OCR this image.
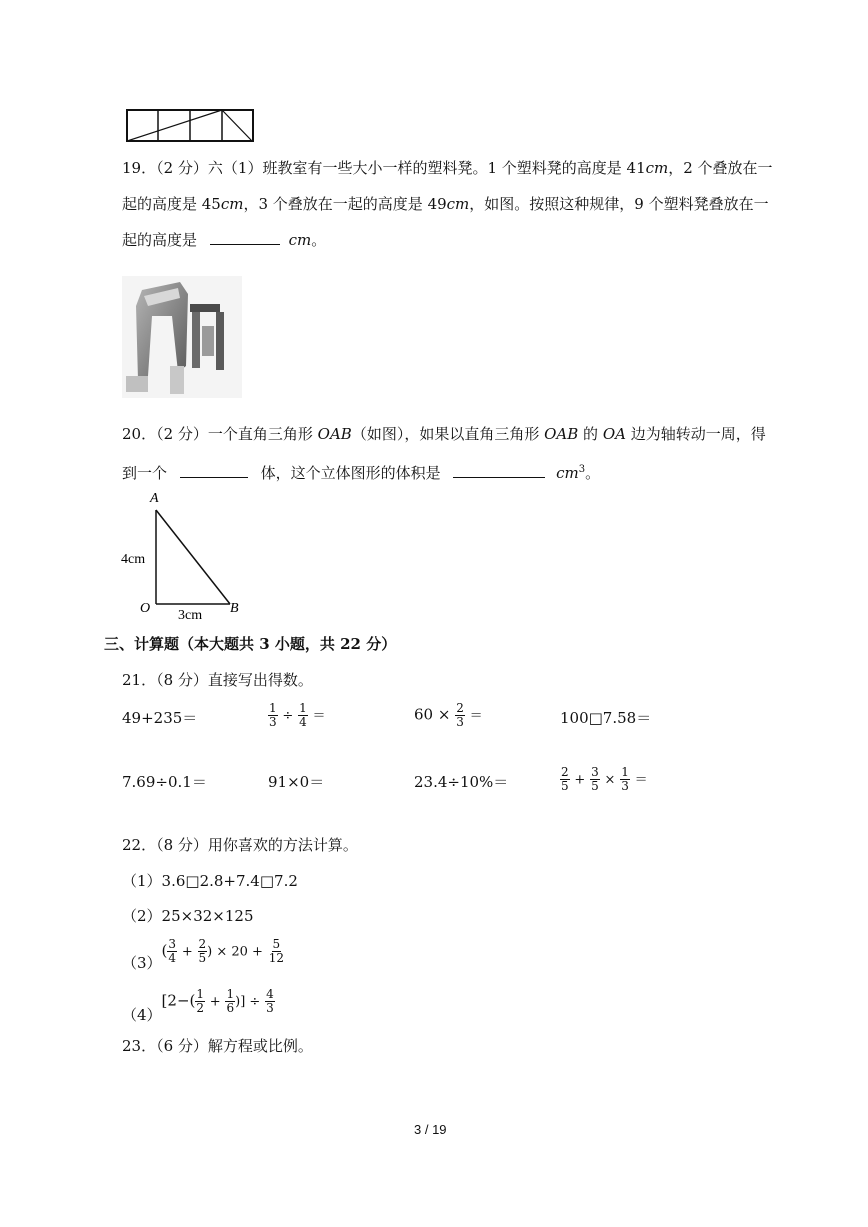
19．（2 分）六（1）班教室有一些大小一样的塑料凳。1 个塑料凳的高度是 41cm，2 个叠放在一
起的高度是 45cm，3 个叠放在一起的高度是 49cm，如图。按照这种规律，9 个塑料凳叠放在一
起的高度是	cm。
20．（2 分）一个直角三角形 OAB（如图），如果以直角三角形 OAB 的 OA 边为轴转动一周，得
到一个	体，这个立体图形的体积是	$cm^3$。
A
O	B
4cm
3cm
三、计算题（本大题共 3 小题，共 22 分）
21．（8 分）直接写出得数。
49+235＝	$\frac{1}{3} \div \frac{1}{4}$ ＝	$60 \times \frac{2}{3}$ ＝	100□7.58＝
7.69÷0.1＝	91×0＝	23.4÷10%＝	$\frac{2}{5} + \frac{3}{5} \times \frac{1}{3}$ ＝
22．（8 分）用你喜欢的方法计算。
（1）3.6□2.8+7.4□7.2
（2）25×32×125
$(3)( \frac{3}{4} + \frac{2}{5}$ ) × $20 + \frac{5}{12}$
$(4)[2-( \frac{1}{2} + \frac{1}{6}$ )] ÷ $\frac{4}{3}$
23．（6 分）解方程或比例。
3 / 19
